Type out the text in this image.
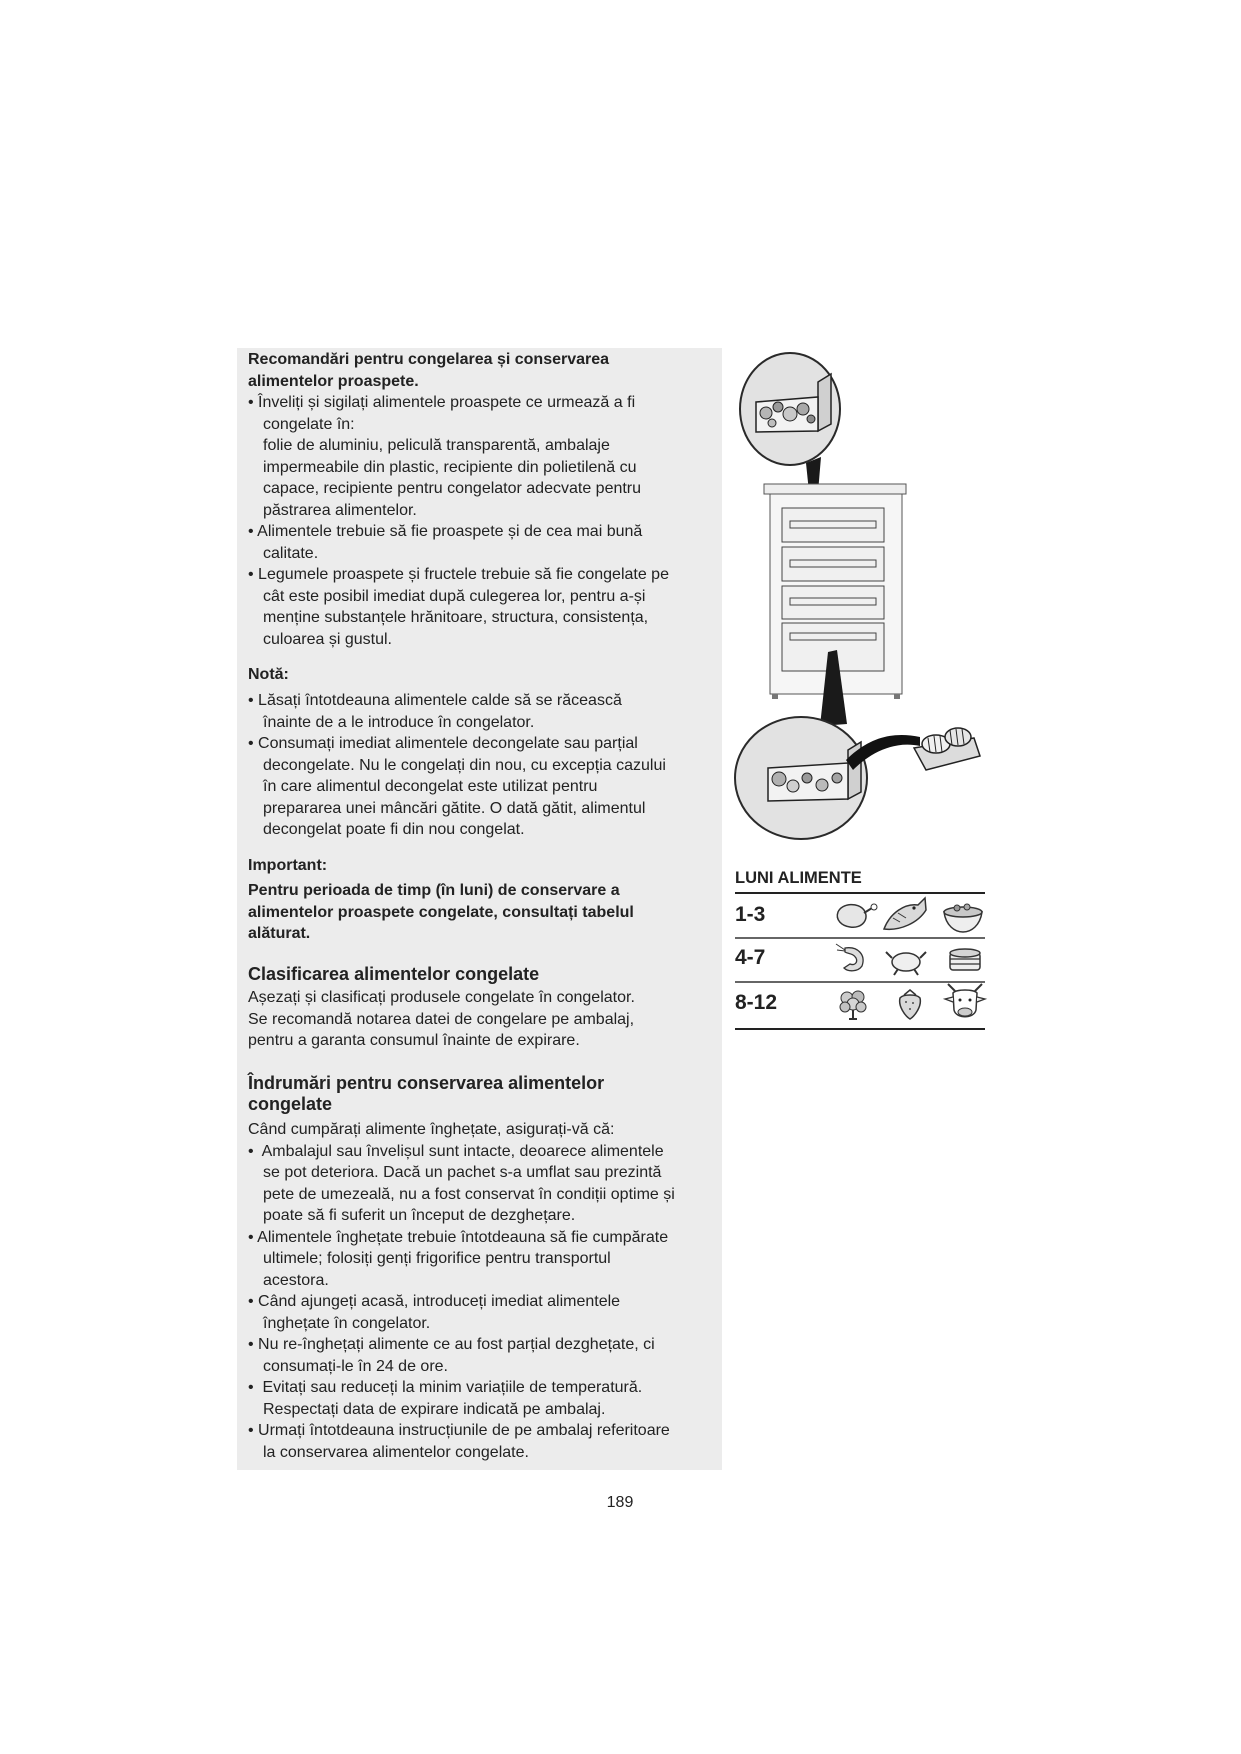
Recomandări pentru congelarea și conservarea
alimentelor proaspete.
• Înveliți și sigilați alimentele proaspete ce urmează a fi
congelate în:
folie de aluminiu, peliculă transparentă, ambalaje
impermeabile din plastic, recipiente din polietilenă cu
capace, recipiente pentru congelator adecvate pentru
păstrarea alimentelor.
• Alimentele trebuie să fie proaspete și de cea mai bună
calitate.
• Legumele proaspete și fructele trebuie să fie congelate pe
cât este posibil imediat după culegerea lor, pentru a-și
menține substanțele hrănitoare, structura, consistența,
culoarea și gustul.
Notă:
• Lăsați întotdeauna alimentele calde să se răcească
înainte de a le introduce în congelator.
• Consumați imediat alimentele decongelate sau parțial
decongelate. Nu le congelați din nou, cu excepția cazului
în care alimentul decongelat este utilizat pentru
prepararea unei mâncări gătite. O dată gătit, alimentul
decongelat poate fi din nou congelat.
Important:
Pentru perioada de timp (în luni) de conservare a
alimentelor proaspete congelate, consultați tabelul
alăturat.
Clasificarea alimentelor congelate
Așezați și clasificați produsele congelate în congelator.
Se recomandă notarea datei de congelare pe ambalaj,
pentru a garanta consumul înainte de expirare.
Îndrumări pentru conservarea alimentelor
congelate
Când cumpărați alimente înghețate, asigurați-vă că:
•  Ambalajul sau învelișul sunt intacte, deoarece alimentele
se pot deteriora. Dacă un pachet s-a umflat sau prezintă
pete de umezeală, nu a fost conservat în condiții optime și
poate să fi suferit un început de dezghețare.
• Alimentele înghețate trebuie întotdeauna să fie cumpărate
ultimele; folosiți genți frigorifice pentru transportul
acestora.
• Când ajungeți acasă, introduceți imediat alimentele
înghețate în congelator.
• Nu re-înghețați alimente ce au fost parțial dezghețate, ci
consumați-le în 24 de ore.
•  Evitați sau reduceți la minim variațiile de temperatură.
Respectați data de expirare indicată pe ambalaj.
• Urmați întotdeauna instrucțiunile de pe ambalaj referitoare
la conservarea alimentelor congelate.
LUNI ALIMENTE
1-3
4-7
8-12
189
